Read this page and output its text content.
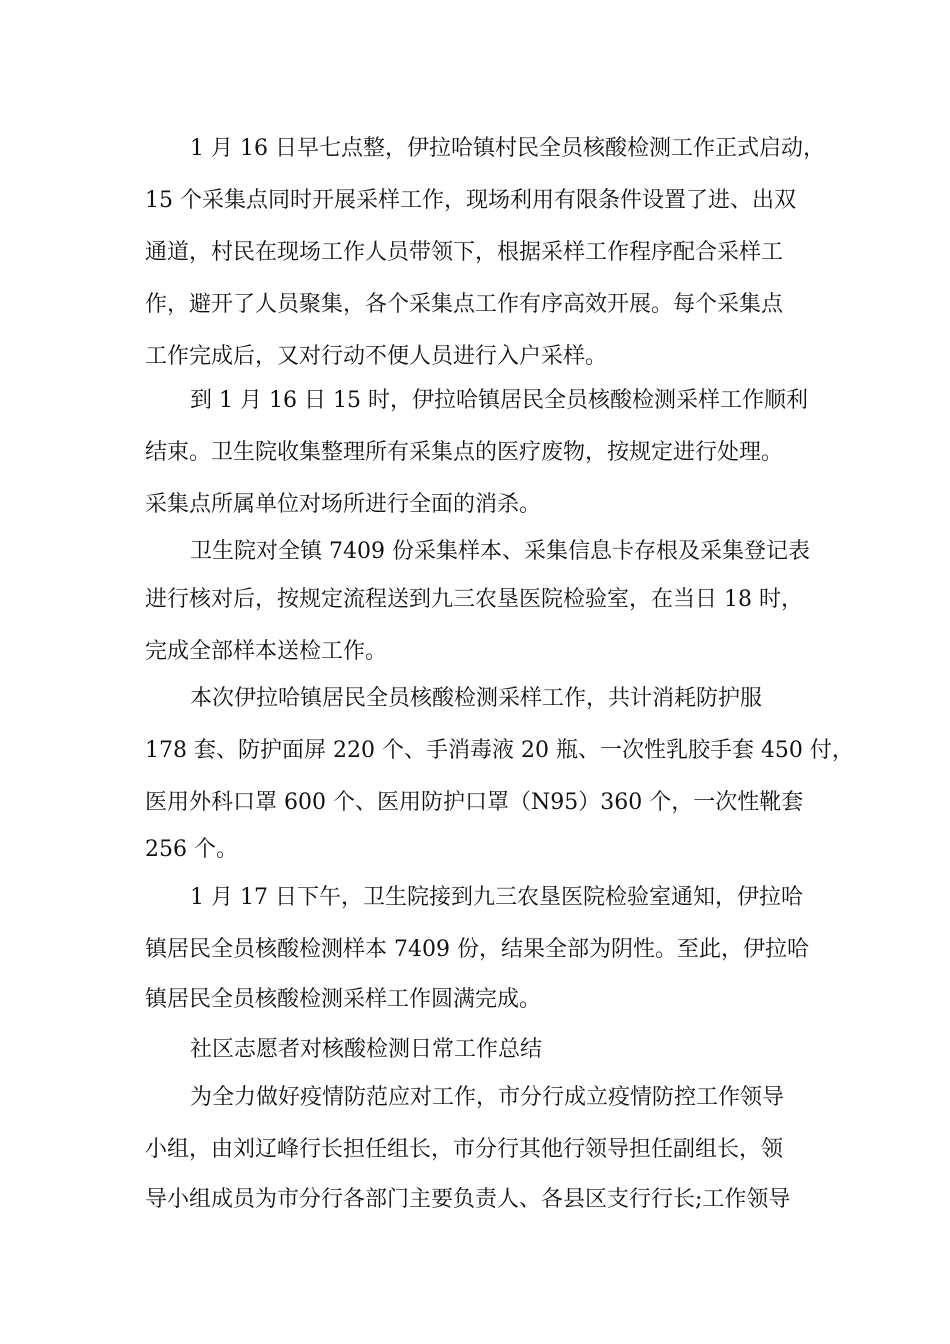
1 月 16 日早七点整，伊拉哈镇村民全员核酸检测工作正式启动，

15 个采集点同时开展采样工作，现场利用有限条件设置了进、出双

通道，村民在现场工作人员带领下，根据采样工作程序配合采样工

作，避开了人员聚集，各个采集点工作有序高效开展。每个采集点

工作完成后，又对行动不便人员进行入户采样。

到 1 月 16 日 15 时，伊拉哈镇居民全员核酸检测采样工作顺利

结束。卫生院收集整理所有采集点的医疗废物，按规定进行处理。

采集点所属单位对场所进行全面的消杀。

卫生院对全镇 7409 份采集样本、采集信息卡存根及采集登记表

进行核对后，按规定流程送到九三农垦医院检验室，在当日 18 时，

完成全部样本送检工作。

本次伊拉哈镇居民全员核酸检测采样工作，共计消耗防护服

178 套、防护面屏 220 个、手消毒液 20 瓶、一次性乳胶手套 450 付，

医用外科口罩 600 个、医用防护口罩（N95）360 个，一次性靴套

256 个。

1 月 17 日下午，卫生院接到九三农垦医院检验室通知，伊拉哈

镇居民全员核酸检测样本 7409 份，结果全部为阴性。至此，伊拉哈

镇居民全员核酸检测采样工作圆满完成。

社区志愿者对核酸检测日常工作总结

为全力做好疫情防范应对工作，市分行成立疫情防控工作领导

小组，由刘辽峰行长担任组长，市分行其他行领导担任副组长，领

导小组成员为市分行各部门主要负责人、各县区支行行长;工作领导
